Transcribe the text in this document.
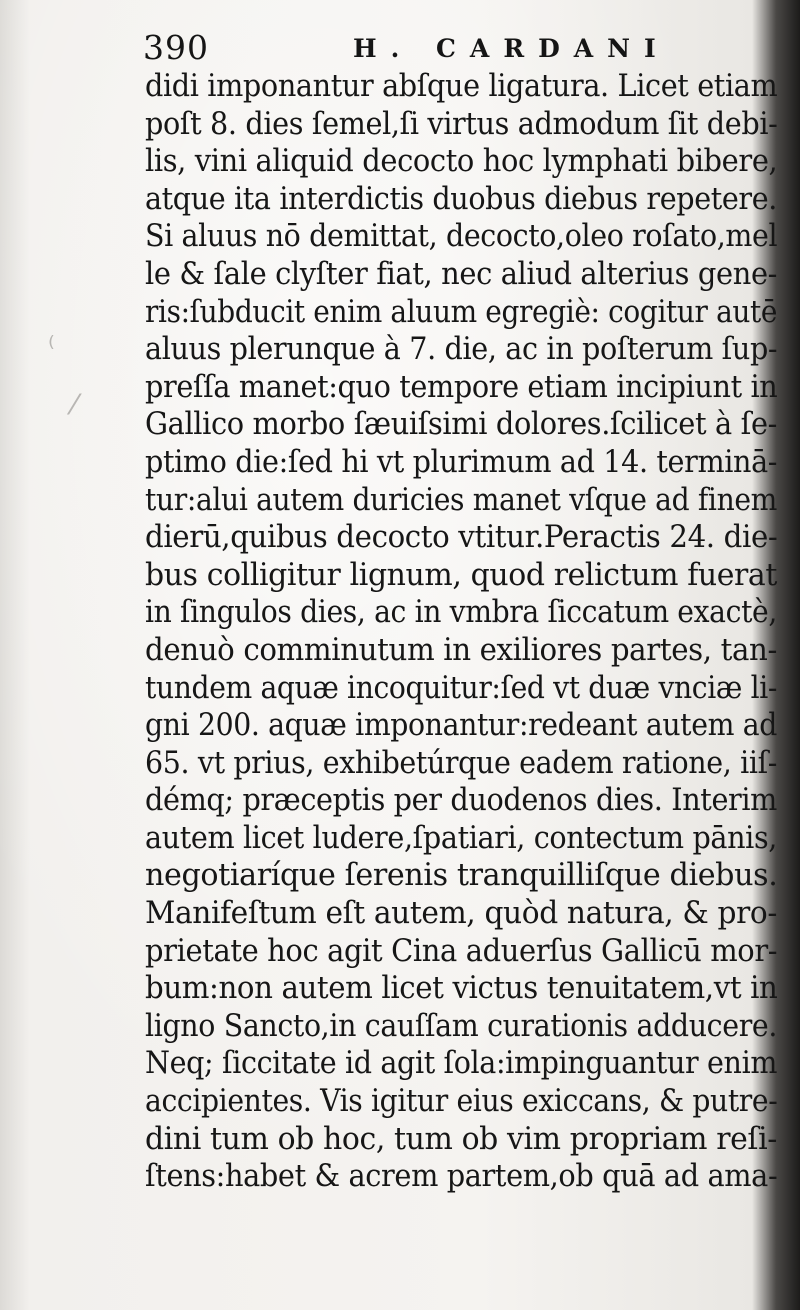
390	H. CARDANI
⁽
⁄
didi imponantur abſque ligatura. Licet etiam
poſt 8. dies ſemel,ſi virtus admodum ſit debi-
lis, vini aliquid decocto hoc lymphati bibere,
atque ita interdictis duobus diebus repetere.
Si aluus nō demittat, decocto,oleo roſato,mel
le & ſale clyſter fiat, nec aliud alterius gene-
ris:ſubducit enim aluum egregiè: cogitur autē
aluus plerunque à 7. die, ac in poſterum ſup-
preſſa manet:quo tempore etiam incipiunt in
Gallico morbo ſæuiſsimi dolores.ſcilicet à ſe-
ptimo die:ſed hi vt plurimum ad 14. terminā-
tur:alui autem duricies manet vſque ad finem
dierū,quibus decocto vtitur.Peractis 24. die-
bus colligitur lignum, quod relictum fuerat
in ſingulos dies, ac in vmbra ſiccatum exactè,
denuò comminutum in exiliores partes, tan-
tundem aquæ incoquitur:ſed vt duæ vnciæ li-
gni 200. aquæ imponantur:redeant autem ad
65. vt prius, exhibetúrque eadem ratione, iiſ-
démq; præceptis per duodenos dies. Interim
autem licet ludere,ſpatiari, contectum pānis,
negotiaríque ſerenis tranquilliſque diebus.
Manifeſtum eſt autem, quòd natura, & pro-
prietate hoc agit Cina aduerſus Gallicū mor-
bum:non autem licet victus tenuitatem,vt in
ligno Sancto,in cauſſam curationis adducere.
Neq; ſiccitate id agit ſola:impinguantur enim
accipientes. Vis igitur eius exiccans, & putre-
dini tum ob hoc, tum ob vim propriam reſi-
ſtens:habet & acrem partem,ob quā ad ama-
